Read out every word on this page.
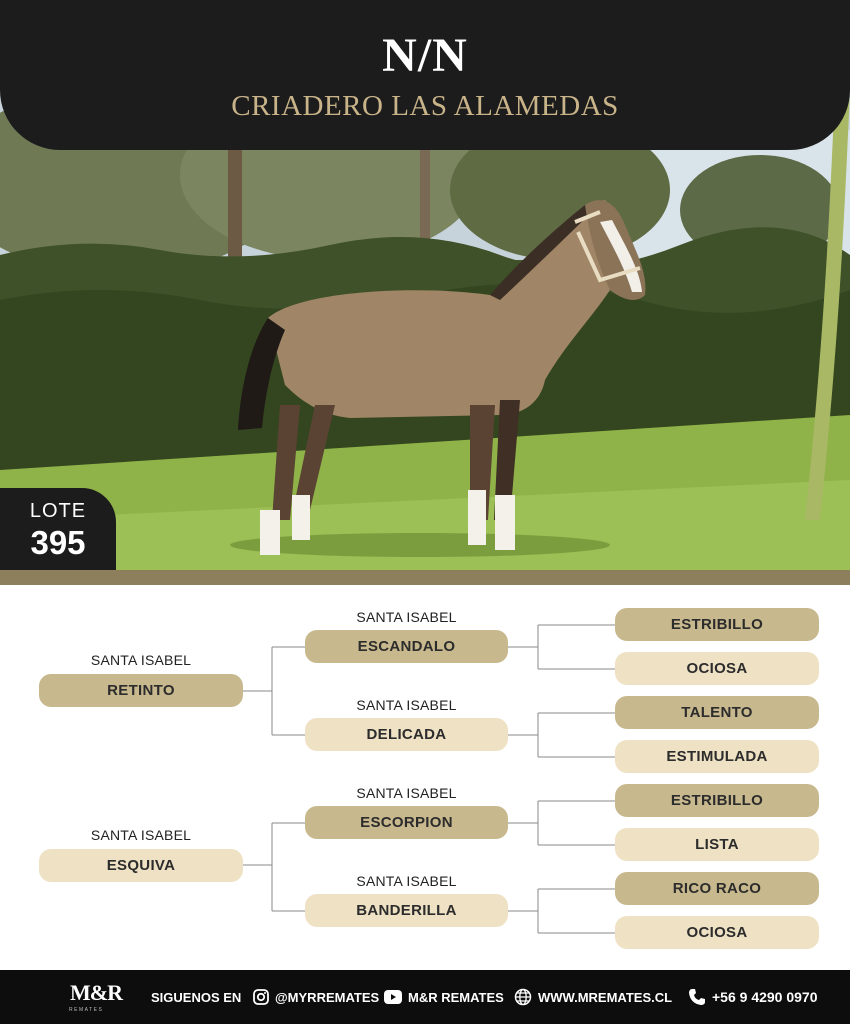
N/N
CRIADERO LAS ALAMEDAS
LOTE
395
SANTA ISABEL
RETINTO
SANTA ISABEL
ESCANDALO
ESTRIBILLO
OCIOSA
SANTA ISABEL
DELICADA
TALENTO
ESTIMULADA
SANTA ISABEL
ESQUIVA
SANTA ISABEL
ESCORPION
ESTRIBILLO
LISTA
SANTA ISABEL
BANDERILLA
RICO RACO
OCIOSA
M&R
REMATES
SIGUENOS EN	@MYRREMATES M&R REMATES	WWW.MREMATES.CL	+56 9 4290 0970
